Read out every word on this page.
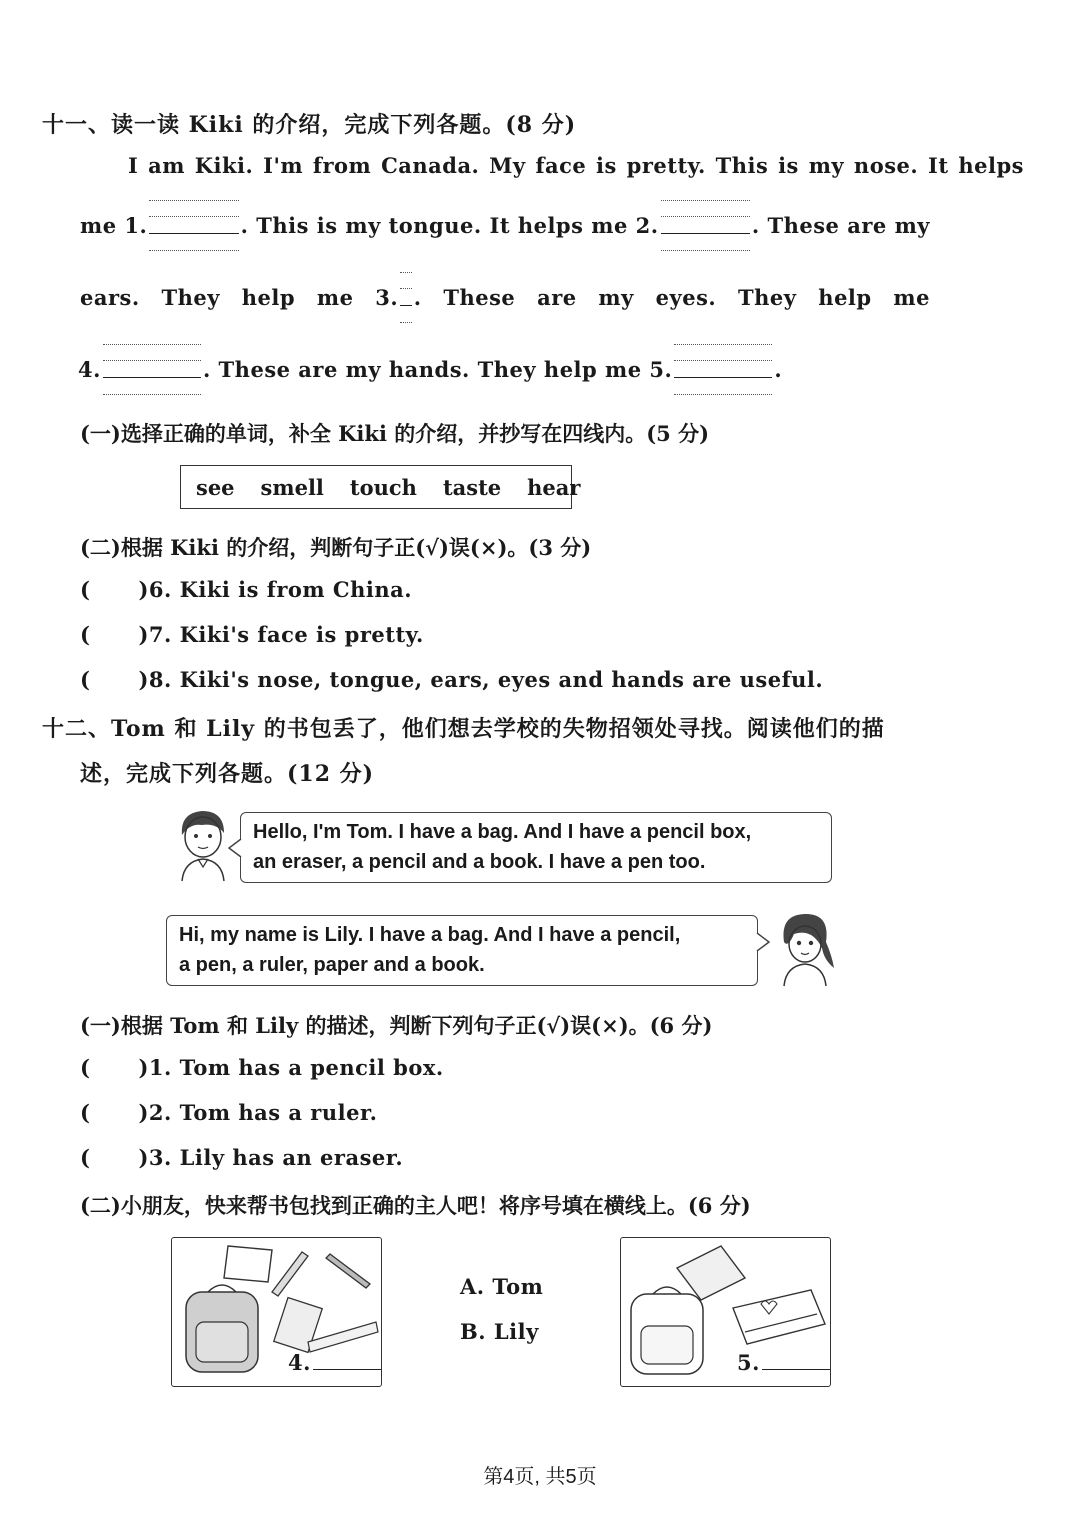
十一、读一读 Kiki 的介绍，完成下列各题。(8 分)
I am Kiki. I'm from Canada. My face is pretty. This is my nose. It helps
me 1.	. This is my tongue. It helps me 2.	. These are my
ears. They help me 3. . These are my eyes. They help me
4.	. These are my hands. They help me 5.	.
(一)选择正确的单词，补全 Kiki 的介绍，并抄写在四线内。(5 分)
see smell touch taste hear
(二)根据 Kiki 的介绍，判断句子正(√)误(×)。(3 分)
( )6. Kiki is from China.
( )7. Kiki's face is pretty.
( )8. Kiki's nose, tongue, ears, eyes and hands are useful.
十二、Tom 和 Lily 的书包丢了，他们想去学校的失物招领处寻找。阅读他们的描
述，完成下列各题。(12 分)
Hello, I'm Tom. I have a bag. And I have a pencil box,
an eraser, a pencil and a book. I have a pen too.
Hi, my name is Lily. I have a bag. And I have a pencil,
a pen, a ruler, paper and a book.
(一)根据 Tom 和 Lily 的描述，判断下列句子正(√)误(×)。(6 分)
( )1. Tom has a pencil box.
( )2. Tom has a ruler.
( )3. Lily has an eraser.
(二)小朋友，快来帮书包找到正确的主人吧！将序号填在横线上。(6 分)
4.
A. Tom
B. Lily
5.
第4页, 共5页
